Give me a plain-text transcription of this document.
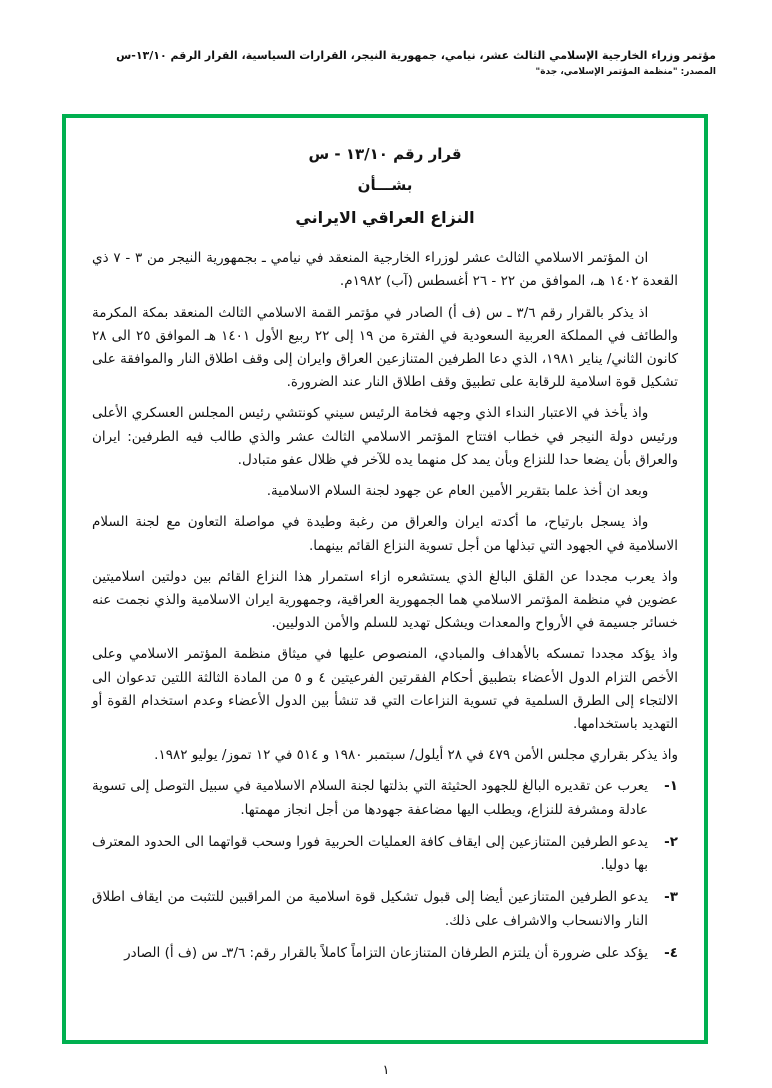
مؤتمر وزراء الخارجية الإسلامي الثالث عشر، نيامي، جمهورية النيجر، القرارات السياسية، القرار الرقم ١٣/١٠-س
المصدر: "منظمة المؤتمر الإسلامي، جدة"
قرار رقم ١٣/١٠ - س
بشـــأن
النزاع العراقي الايراني

ان المؤتمر الاسلامي الثالث عشر لوزراء الخارجية المنعقد في نيامي ـ بجمهورية النيجر من ٣ - ٧ ذي القعدة ١٤٠٢ هـ، الموافق من ٢٢ - ٢٦ أغسطس (آب) ١٩٨٢م.

اذ يذكر بالقرار رقم ٣/٦ ـ س (ف أ) الصادر في مؤتمر القمة الاسلامي الثالث المنعقد بمكة المكرمة والطائف في المملكة العربية السعودية في الفترة من ١٩ إلى ٢٢ ربيع الأول ١٤٠١ هـ الموافق ٢٥ الى ٢٨ كانون الثاني/ يناير ١٩٨١، الذي دعا الطرفين المتنازعين العراق وايران إلى وقف اطلاق النار والموافقة على تشكيل قوة اسلامية للرقابة على تطبيق وقف اطلاق النار عند الضرورة.

واذ يأخذ في الاعتبار النداء الذي وجهه فخامة الرئيس سيني كونتشي رئيس المجلس العسكري الأعلى ورئيس دولة النيجر في خطاب افتتاح المؤتمر الاسلامي الثالث عشر والذي طالب فيه الطرفين: ايران والعراق بأن يضعا حدا للنزاع وبأن يمد كل منهما يده للآخر في ظلال عفو متبادل.

وبعد ان أخذ علما بتقرير الأمين العام عن جهود لجنة السلام الاسلامية.

واذ يسجل بارتياح، ما أكدته ايران والعراق من رغبة وطيدة في مواصلة التعاون مع لجنة السلام الاسلامية في الجهود التي تبذلها من أجل تسوية النزاع القائم بينهما.

واذ يعرب مجددا عن القلق البالغ الذي يستشعره ازاء استمرار هذا النزاع القائم بين دولتين اسلاميتين عضوين في منظمة المؤتمر الاسلامي هما الجمهورية العراقية، وجمهورية ايران الاسلامية والذي نجمت عنه خسائر جسيمة في الأرواح والمعدات ويشكل تهديد للسلم والأمن الدوليين.

واذ يؤكد مجددا تمسكه بالأهداف والمبادي، المنصوص عليها في ميثاق منظمة المؤتمر الاسلامي وعلى الأخص التزام الدول الأعضاء بتطبيق أحكام الفقرتين الفرعيتين ٤ و ٥ من المادة الثالثة اللتين تدعوان الى الالتجاء إلى الطرق السلمية في تسوية النزاعات التي قد تنشأ بين الدول الأعضاء وعدم استخدام القوة أو التهديد باستخدامها.

واذ يذكر بقراري مجلس الأمن ٤٧٩ في ٢٨ أيلول/ سبتمبر ١٩٨٠ و ٥١٤ في ١٢ تموز/ يوليو ١٩٨٢.

١-
يعرب عن تقديره البالغ للجهود الحثيثة التي بذلتها لجنة السلام الاسلامية في سبيل التوصل إلى تسوية عادلة ومشرفة للنزاع، ويطلب اليها مضاعفة جهودها من أجل انجاز مهمتها.
٢-
يدعو الطرفين المتنازعين إلى ايقاف كافة العمليات الحربية فورا وسحب قواتهما الى الحدود المعترف بها دوليا.
٣-
يدعو الطرفين المتنازعين أيضا إلى قبول تشكيل قوة اسلامية من المراقبين للتثبت من ايقاف اطلاق النار والانسحاب والاشراف على ذلك.
٤-
يؤكد على ضرورة أن يلتزم الطرفان المتنازعان التزاماً كاملاً بالقرار رقم: ٣/٦ـ س (ف أ) الصادر
١
